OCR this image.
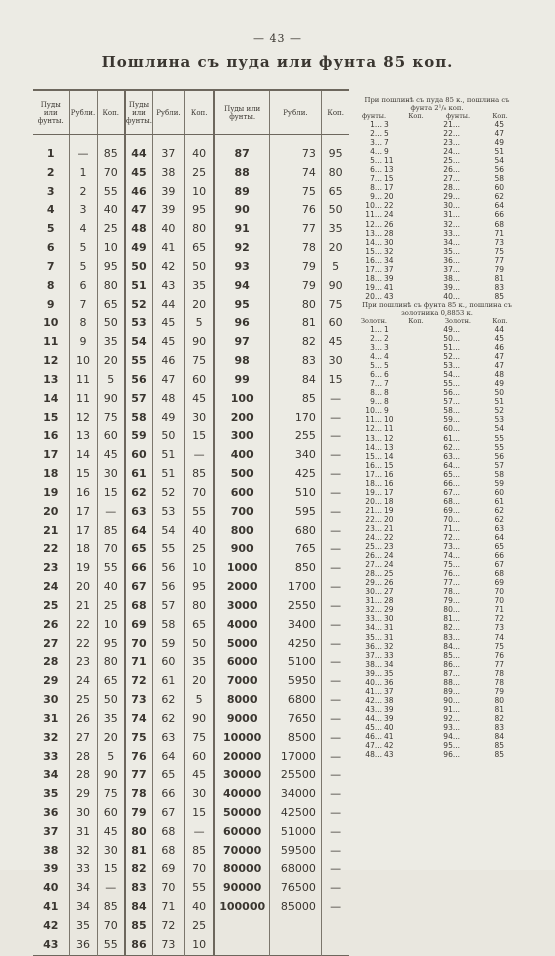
— 43 —
Пошлина съ пуда или фунта 85 коп.
Пуды или фунты.	Рубли.	Коп.	Пуды или фунты.	Рубли.	Коп.	Пуды или фунты.	Рубли.	Коп.

1	—	85	44	37	40	87	73	95
2	1	70	45	38	25	88	74	80
3	2	55	46	39	10	89	75	65
4	3	40	47	39	95	90	76	50
5	4	25	48	40	80	91	77	35
6	5	10	49	41	65	92	78	20
7	5	95	50	42	50	93	79	5
8	6	80	51	43	35	94	79	90
9	7	65	52	44	20	95	80	75
10	8	50	53	45	5	96	81	60
11	9	35	54	45	90	97	82	45
12	10	20	55	46	75	98	83	30
13	11	5	56	47	60	99	84	15
14	11	90	57	48	45	100	85	—
15	12	75	58	49	30	200	170	—
16	13	60	59	50	15	300	255	—
17	14	45	60	51	—	400	340	—
18	15	30	61	51	85	500	425	—
19	16	15	62	52	70	600	510	—
20	17	—	63	53	55	700	595	—
21	17	85	64	54	40	800	680	—
22	18	70	65	55	25	900	765	—
23	19	55	66	56	10	1000	850	—
24	20	40	67	56	95	2000	1700	—
25	21	25	68	57	80	3000	2550	—
26	22	10	69	58	65	4000	3400	—
27	22	95	70	59	50	5000	4250	—
28	23	80	71	60	35	6000	5100	—
29	24	65	72	61	20	7000	5950	—
30	25	50	73	62	5	8000	6800	—
31	26	35	74	62	90	9000	7650	—
32	27	20	75	63	75	10000	8500	—
33	28	5	76	64	60	20000	17000	—
34	28	90	77	65	45	30000	25500	—
35	29	75	78	66	30	40000	34000	—
36	30	60	79	67	15	50000	42500	—
37	31	45	80	68	—	60000	51000	—
38	32	30	81	68	85	70000	59500	—
39	33	15	82	69	70	80000	68000	—
40	34	—	83	70	55	90000	76500	—
41	34	85	84	71	40	100000	85000	—
42	35	70	85	72	25			
43	36	55	86	73	10			
При пошлинѣ съ пуда 85 к., пошлина съ фунта 2¹/₈ коп.
фунты.	Коп.	фунты.	Коп.
1... 3	21...	45
2... 5	22...	47
3... 7	23...	49
4... 9	24...	51
5... 11	25...	54
6... 13	26...	56
7... 15	27...	58
8... 17	28...	60
9... 20	29...	62
10... 22	30...	64
11... 24	31...	66
12... 26	32...	68
13... 28	33...	71
14... 30	34...	73
15... 32	35...	75
16... 34	36...	77
17... 37	37...	79
18... 39	38...	81
19... 41	39...	83
20... 43	40...	85
При пошлинѣ съ фунта 85 к., пошлина съ золотника 0,8853 к.
Золотн.	Коп.	Золотн.	Коп.
1... 1	49...	44
2... 2	50...	45
3... 3	51...	46
4... 4	52...	47
5... 5	53...	47
6... 6	54...	48
7... 7	55...	49
8... 8	56...	50
9... 8	57...	51
10... 9	58...	52
11... 10	59...	53
12... 11	60...	54
13... 12	61...	55
14... 13	62...	55
15... 14	63...	56
16... 15	64...	57
17... 16	65...	58
18... 16	66...	59
19... 17	67...	60
20... 18	68...	61
21... 19	69...	62
22... 20	70...	62
23... 21	71...	63
24... 22	72...	64
25... 23	73...	65
26... 24	74...	66
27... 24	75...	67
28... 25	76...	68
29... 26	77...	69
30... 27	78...	70
31... 28	79...	70
32... 29	80...	71
33... 30	81...	72
34... 31	82...	73
35... 31	83...	74
36... 32	84...	75
37... 33	85...	76
38... 34	86...	77
39... 35	87...	78
40... 36	88...	78
41... 37	89...	79
42... 38	90...	80
43... 39	91...	81
44... 39	92...	82
45... 40	93...	83
46... 41	94...	84
47... 42	95...	85
48... 43	96...	85
